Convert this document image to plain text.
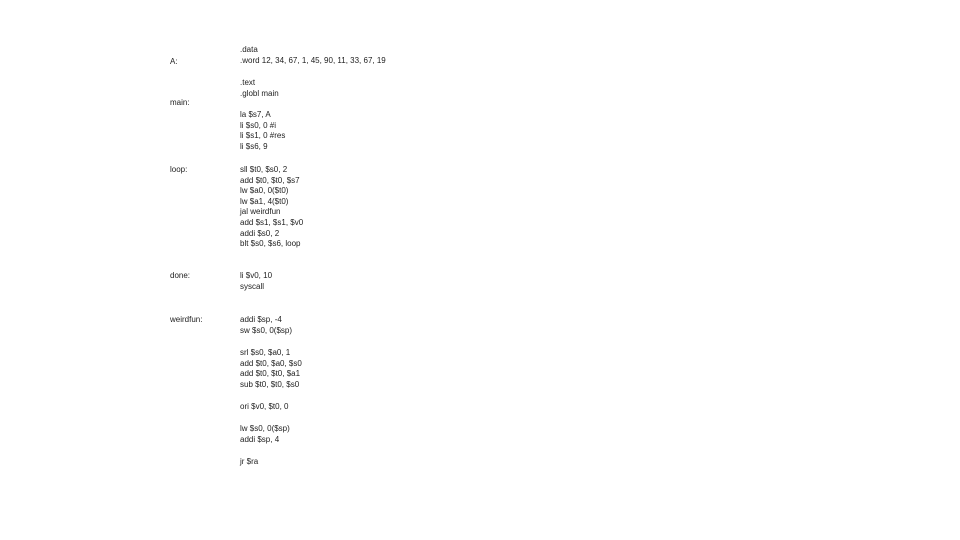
A:
main:
loop:
done:
weirdfun:
.data
.word 12, 34, 67, 1, 45, 90, 11, 33, 67, 19
.text
.globl main
la $s7, A
li $s0, 0 #i
li $s1, 0 #res
li $s6, 9
sll $t0, $s0, 2
add $t0, $t0, $s7
lw $a0, 0($t0)
lw $a1, 4($t0)
jal weirdfun
add $s1, $s1, $v0
addi $s0, 2
blt $s0, $s6, loop
li $v0, 10
syscall
addi $sp, -4
sw $s0, 0($sp)
srl $s0, $a0, 1
add $t0, $a0, $s0
add $t0, $t0, $a1
sub $t0, $t0, $s0
ori $v0, $t0, 0
lw $s0, 0($sp)
addi $sp, 4
jr $ra
